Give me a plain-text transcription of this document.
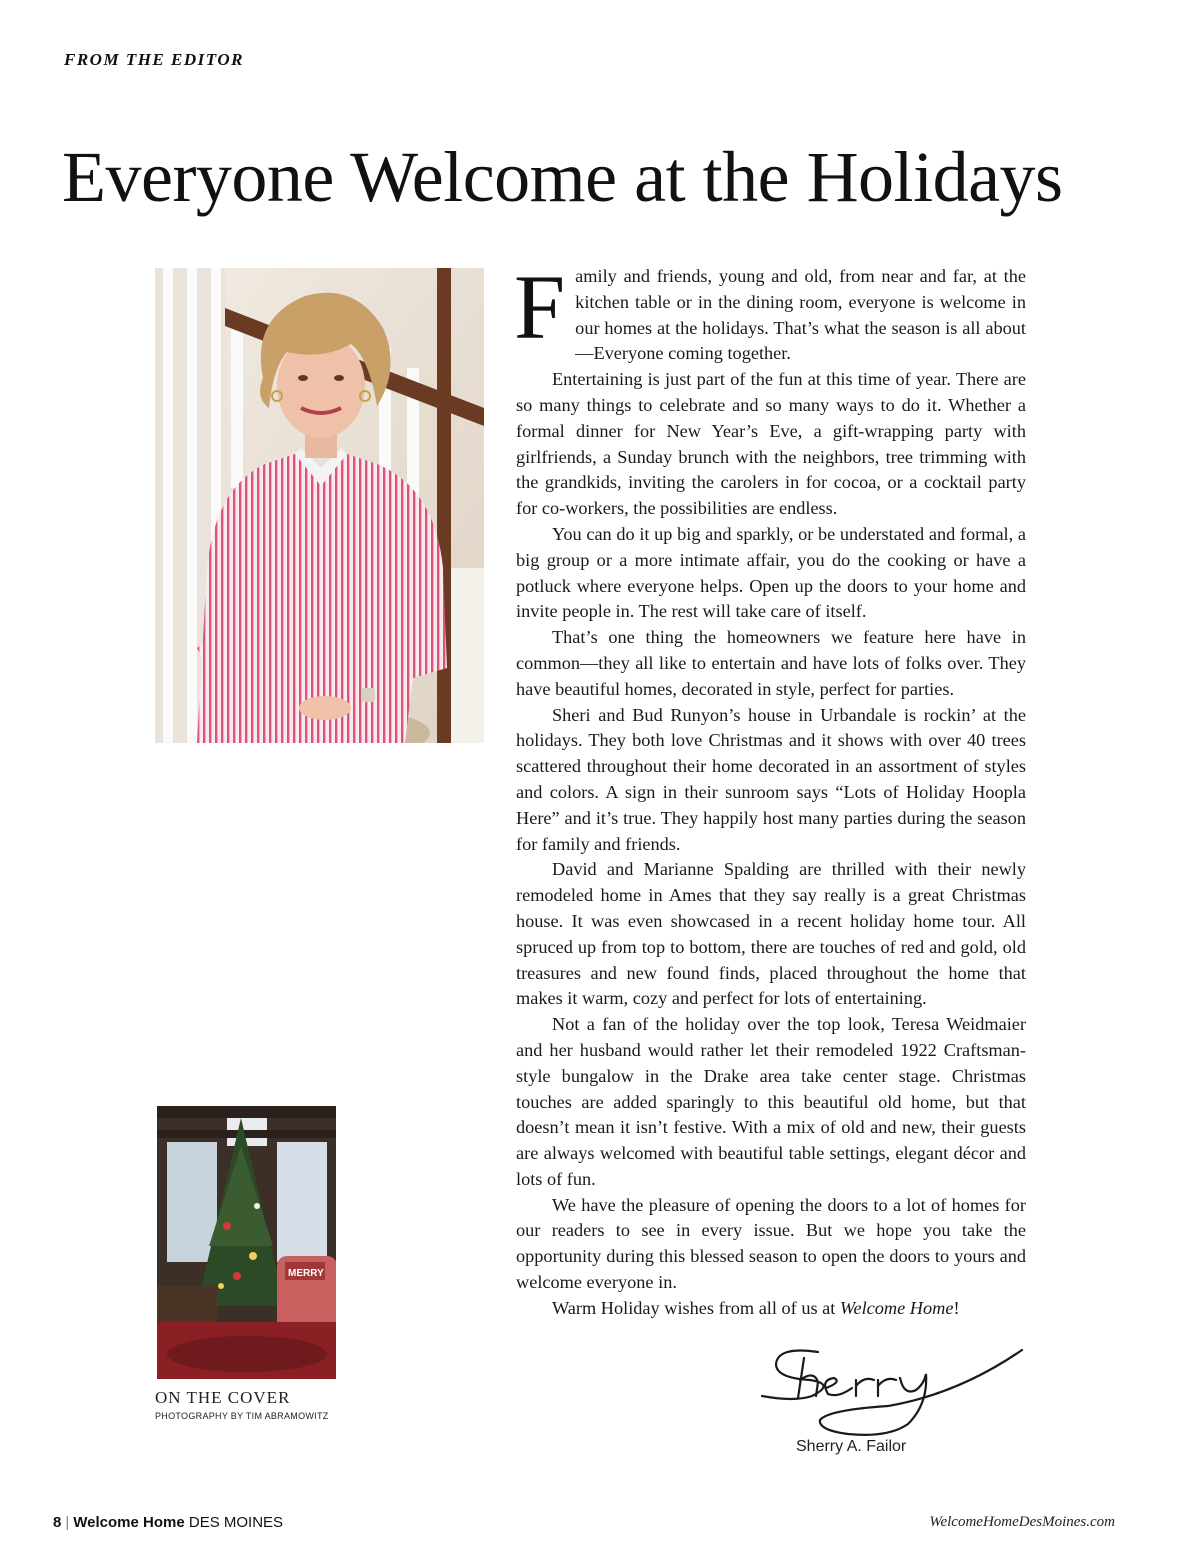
FROM THE EDITOR
Everyone Welcome at the Holidays

Family and friends, young and old, from near and far, at the kitchen table or in the dining room, everyone is welcome in our homes at the holidays. That’s what the season is all about—Everyone coming together.

Entertaining is just part of the fun at this time of year. There are so many things to celebrate and so many ways to do it. Whether a formal dinner for New Year’s Eve, a gift-wrapping party with girlfriends, a Sunday brunch with the neighbors, tree trimming with the grandkids, inviting the carolers in for cocoa, or a cocktail party for co-workers, the possibilities are endless.

You can do it up big and sparkly, or be understated and formal, a big group or a more intimate affair, you do the cooking or have a potluck where everyone helps. Open up the doors to your home and invite people in. The rest will take care of itself.

That’s one thing the homeowners we feature here have in common—they all like to entertain and have lots of folks over. They have beautiful homes, decorated in style, perfect for parties.

Sheri and Bud Runyon’s house in Urbandale is rockin’ at the holidays. They both love Christmas and it shows with over 40 trees scattered throughout their home decorated in an assortment of styles and colors. A sign in their sunroom says “Lots of Holiday Hoopla Here” and it’s true. They happily host many parties during the season for family and friends.

David and Marianne Spalding are thrilled with their newly remodeled home in Ames that they say really is a great Christmas house. It was even showcased in a recent holiday home tour. All spruced up from top to bottom, there are touches of red and gold, old treasures and new found finds, placed throughout the home that makes it warm, cozy and perfect for lots of entertaining.

Not a fan of the holiday over the top look, Teresa Weidmaier and her husband would rather let their remodeled 1922 Craftsman-style bungalow in the Drake area take center stage. Christmas touches are added sparingly to this beautiful old home, but that doesn’t mean it isn’t festive. With a mix of old and new, their guests are always welcomed with beautiful table settings, elegant décor and lots of fun.

We have the pleasure of opening the doors to a lot of homes for our readers to see in every issue. But we hope you take the opportunity during this blessed season to open the doors to yours and welcome everyone in.

Warm Holiday wishes from all of us at Welcome Home!

MERRY
ON THE COVER
PHOTOGRAPHY BY TIM ABRAMOWITZ
Sherry A. Failor
8 | Welcome Home DES MOINES	WelcomeHomeDesMoines.com
